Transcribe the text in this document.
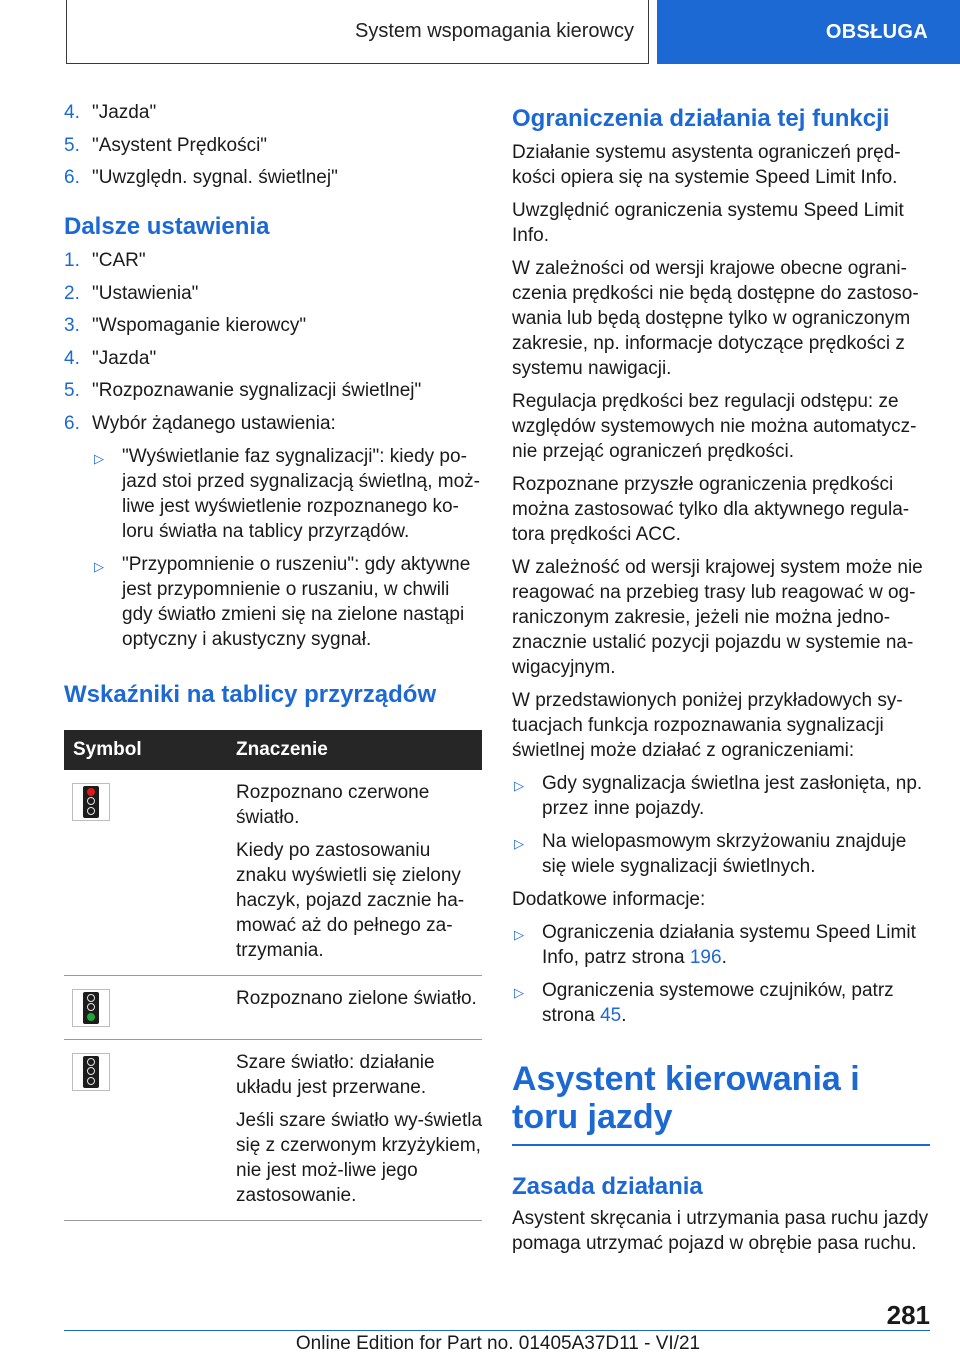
System wspomagania kierowcy	OBSŁUGA
4. "Jazda"
5. "Asystent Prędkości"
6. "Uwzględn. sygnal. świetlnej"
Dalsze ustawienia
1. "CAR"
2. "Ustawienia"
3. "Wspomaganie kierowcy"
4. "Jazda"
5. "Rozpoznawanie sygnalizacji świetlnej"
6. Wybór żądanego ustawienia:
▷ "Wyświetlanie faz sygnalizacji": kiedy po-jazd stoi przed sygnalizacją świetlną, moż-liwe jest wyświetlenie rozpoznanego ko-loru światła na tablicy przyrządów.
▷ "Przypomnienie o ruszeniu": gdy aktywne jest przypomnienie o ruszaniu, w chwili gdy światło zmieni się na zielone nastąpi optyczny i akustyczny sygnał.
Wskaźniki na tablicy przyrządów
Symbol	Znaczenie
Rozpoznano czerwone światło.
Kiedy po zastosowaniu znaku wyświetli się zielony haczyk, pojazd zacznie ha-mować aż do pełnego za-trzymania.
Rozpoznano zielone światło.
Szare światło: działanie układu jest przerwane.
Jeśli szare światło wy-świetla się z czerwonym krzyżykiem, nie jest moż-liwe jego zastosowanie.
Ograniczenia działania tej funkcji
Działanie systemu asystenta ograniczeń pręd-kości opiera się na systemie Speed Limit Info.
Uwzględnić ograniczenia systemu Speed Limit Info.
W zależności od wersji krajowe obecne ograni-czenia prędkości nie będą dostępne do zastoso-wania lub będą dostępne tylko w ograniczonym zakresie, np. informacje dotyczące prędkości z systemu nawigacji.
Regulacja prędkości bez regulacji odstępu: ze względów systemowych nie można automatycz-nie przejąć ograniczeń prędkości.
Rozpoznane przyszłe ograniczenia prędkości można zastosować tylko dla aktywnego regula-tora prędkości ACC.
W zależność od wersji krajowej system może nie reagować na przebieg trasy lub reagować w og-raniczonym zakresie, jeżeli nie można jedno-znacznie ustalić pozycji pojazdu w systemie na-wigacyjnym.
W przedstawionych poniżej przykładowych sy-tuacjach funkcja rozpoznawania sygnalizacji świetlnej może działać z ograniczeniami:
▷ Gdy sygnalizacja świetlna jest zasłonięta, np. przez inne pojazdy.
▷ Na wielopasmowym skrzyżowaniu znajduje się wiele sygnalizacji świetlnych.
Dodatkowe informacje:
▷ Ograniczenia działania systemu Speed Limit Info, patrz strona 196.
▷ Ograniczenia systemowe czujników, patrz strona 45.
Asystent kierowania i toru jazdy
Zasada działania
Asystent skręcania i utrzymania pasa ruchu jazdy pomaga utrzymać pojazd w obrębie pasa ruchu.
281
Online Edition for Part no. 01405A37D11 - VI/21
